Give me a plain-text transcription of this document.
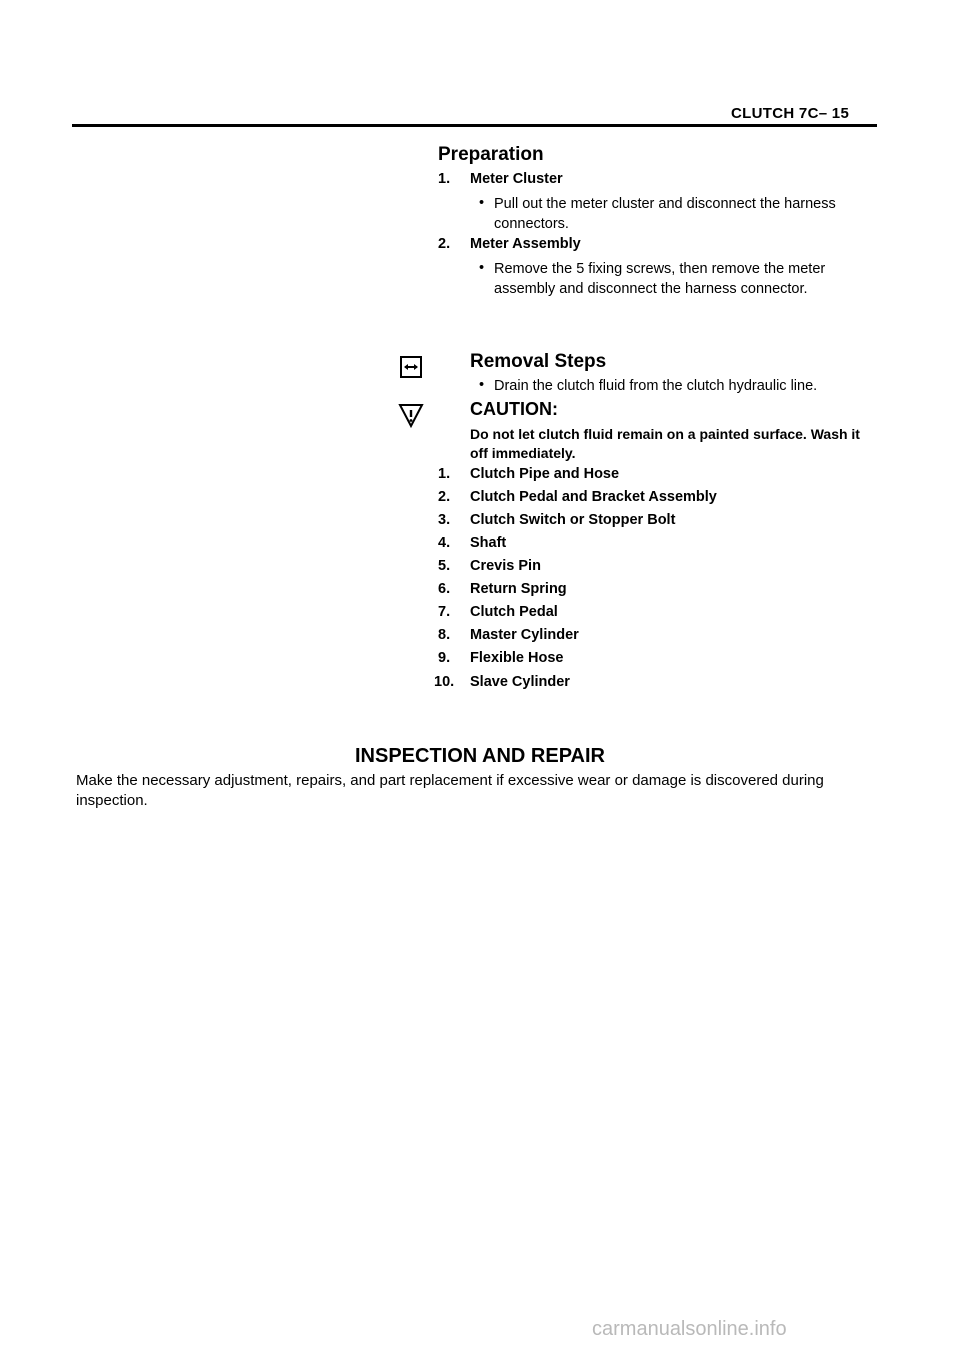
CLUTCH 7C– 15
Preparation
1.	Meter Cluster
• Pull out the meter cluster and disconnect the harness connectors.
2.	Meter Assembly
• Remove the 5 fixing screws, then remove the meter assembly and disconnect the harness connector.
Removal Steps
• Drain the clutch fluid from the clutch hydraulic line.
CAUTION:
Do not let clutch fluid remain on a painted surface. Wash it off immediately.
1.	Clutch Pipe and Hose
2.	Clutch Pedal and Bracket Assembly
3.	Clutch Switch or Stopper Bolt
4.	Shaft
5.	Crevis Pin
6.	Return Spring
7.	Clutch Pedal
8.	Master Cylinder
9.	Flexible Hose
10.	Slave Cylinder
INSPECTION AND REPAIR
Make the necessary adjustment, repairs, and part replacement if excessive wear or damage is discovered during inspection.
carmanualsonline.info
